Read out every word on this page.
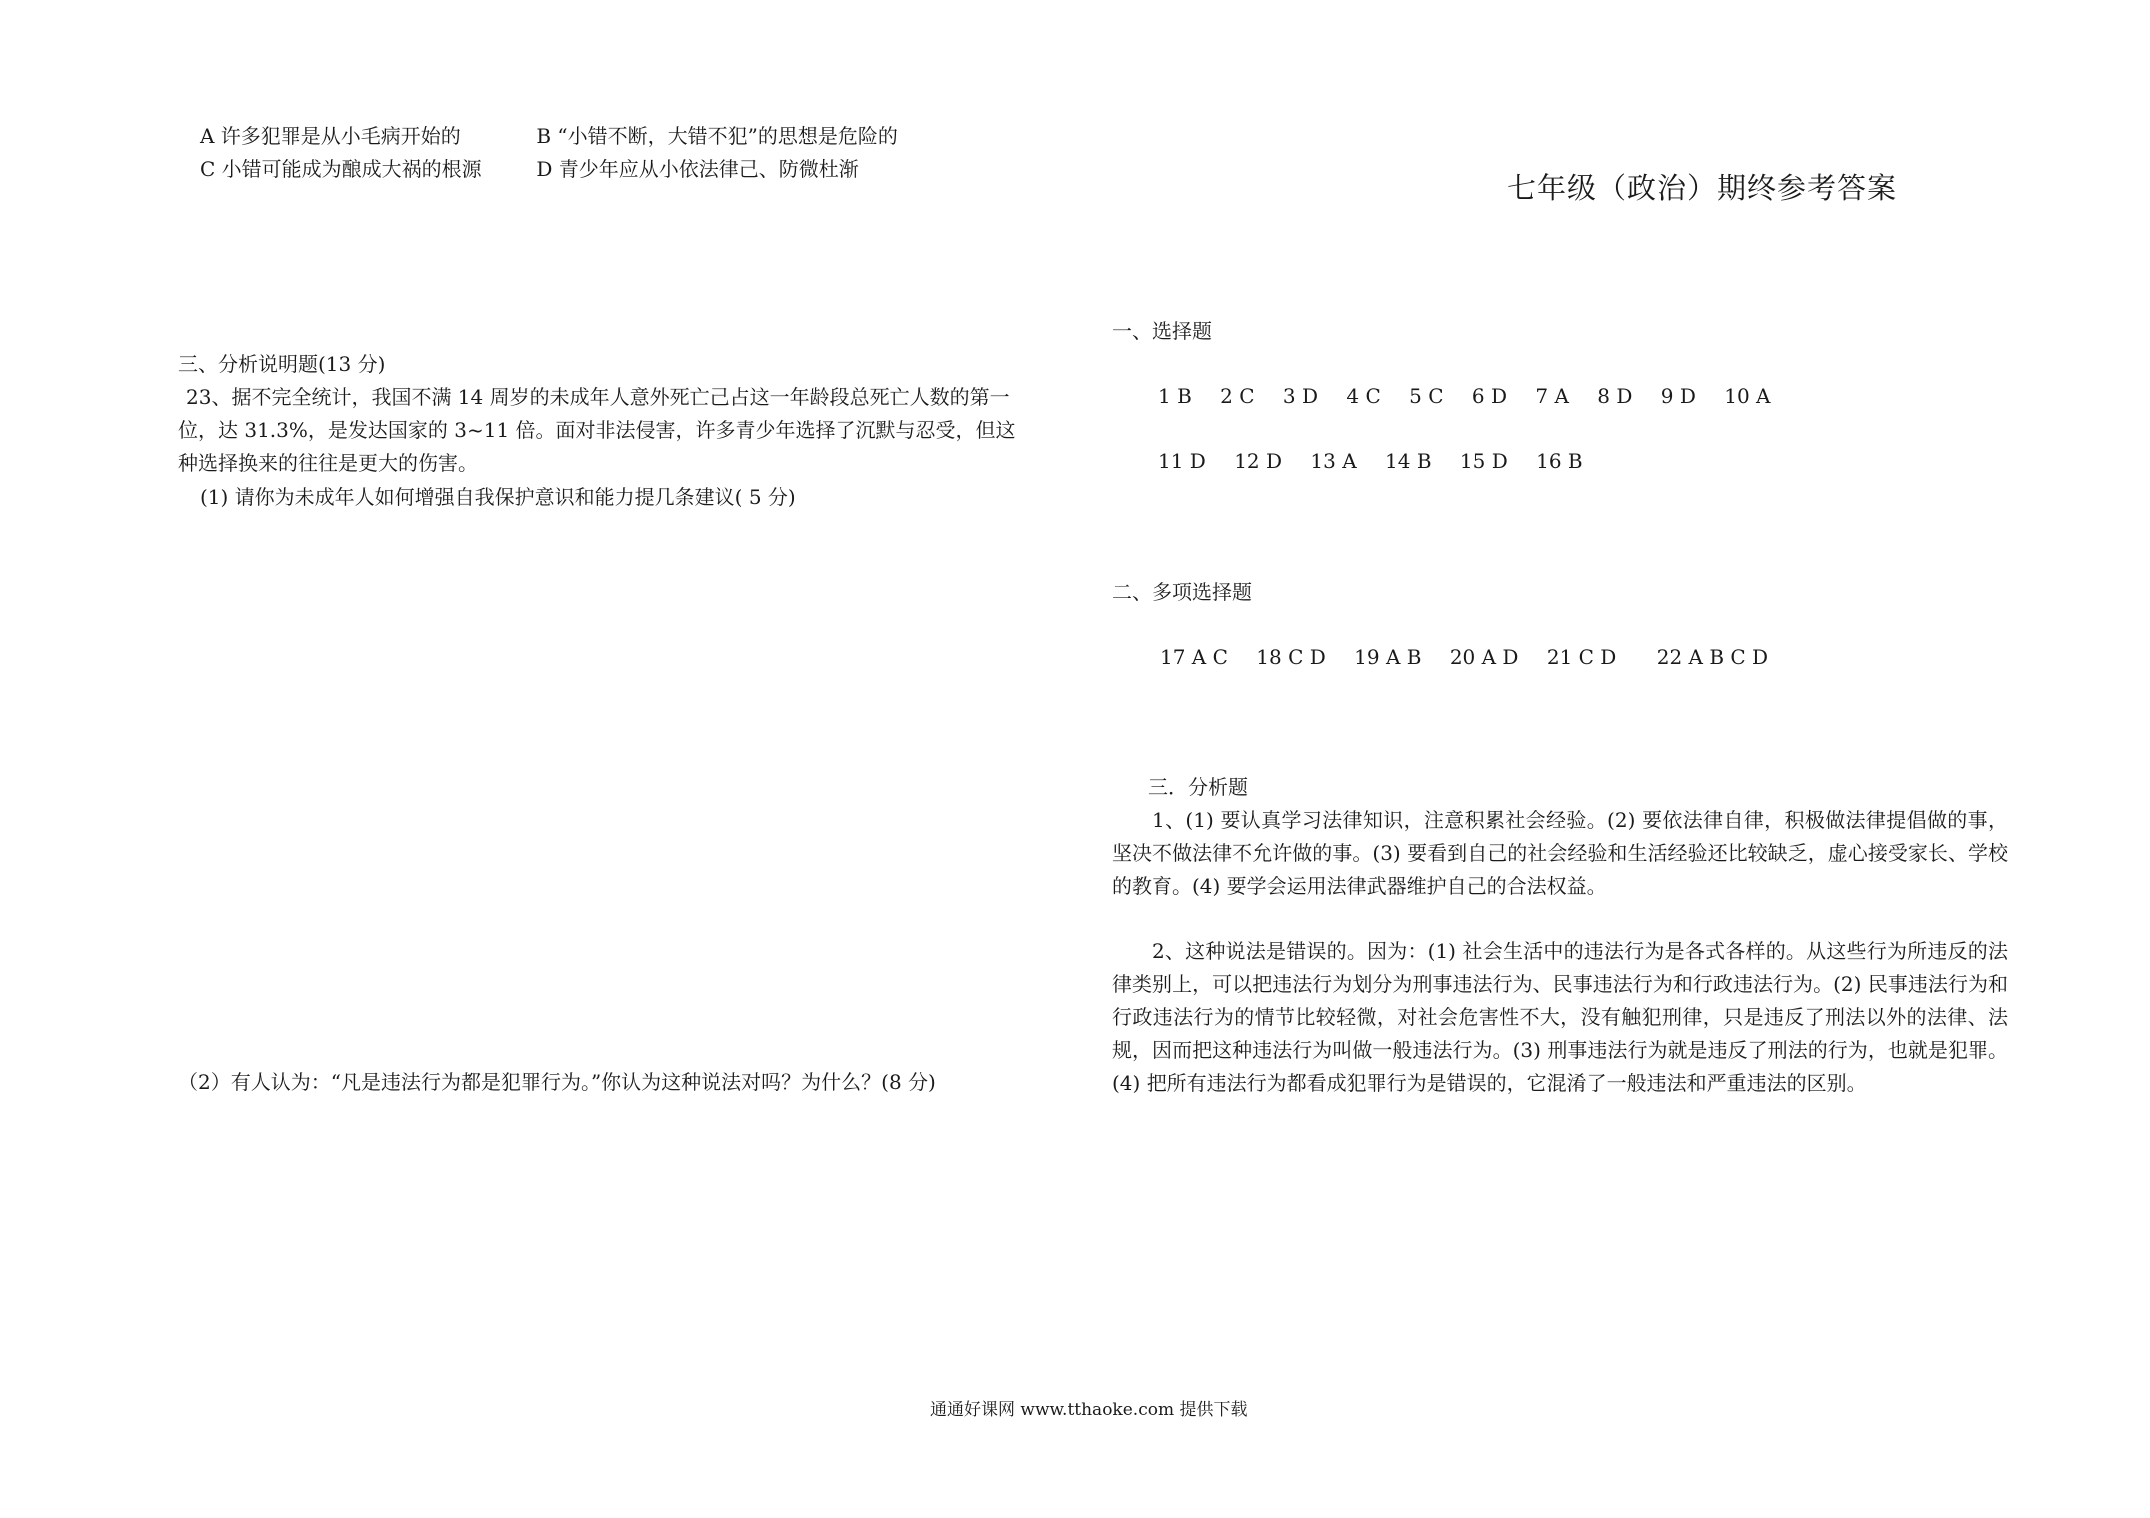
A 许多犯罪是从小毛病开始的	B “小错不断，大错不犯”的思想是危险的
C 小错可能成为酿成大祸的根源	D 青少年应从小依法律己、防微杜渐
三、分析说明题(13 分)
23、据不完全统计，我国不满 14 周岁的未成年人意外死亡己占这一年龄段总死亡人数的第一
位，达 31.3%，是发达国家的 3~11 倍。面对非法侵害，许多青少年选择了沉默与忍受，但这
种选择换来的往往是更大的伤害。
(1) 请你为未成年人如何增强自我保护意识和能力提几条建议( 5 分)
（2）有人认为：“凡是违法行为都是犯罪行为。”你认为这种说法对吗？为什么？(8 分)
七年级（政治）期终参考答案
一、选择题
1 B 2 C 3 D 4 C 5 C 6 D 7 A 8 D 9 D 10 A
11 D 12 D 13 A 14 B 15 D 16 B
二、多项选择题
17 A C 18 C D 19 A B 20 A D 21 C D 22 A B C D
三．分析题
1、(1) 要认真学习法律知识，注意积累社会经验。(2) 要依法律自律，积极做法律提倡做的事，坚决不做法律不允许做的事。(3) 要看到自己的社会经验和生活经验还比较缺乏，虚心接受家长、学校的教育。(4) 要学会运用法律武器维护自己的合法权益。
2、这种说法是错误的。因为：(1) 社会生活中的违法行为是各式各样的。从这些行为所违反的法律类别上，可以把违法行为划分为刑事违法行为、民事违法行为和行政违法行为。(2) 民事违法行为和行政违法行为的情节比较轻微，对社会危害性不大，没有触犯刑律，只是违反了刑法以外的法律、法规，因而把这种违法行为叫做一般违法行为。(3) 刑事违法行为就是违反了刑法的行为，也就是犯罪。(4) 把所有违法行为都看成犯罪行为是错误的，它混淆了一般违法和严重违法的区别。
通通好课网 www.tthaoke.com 提供下载
